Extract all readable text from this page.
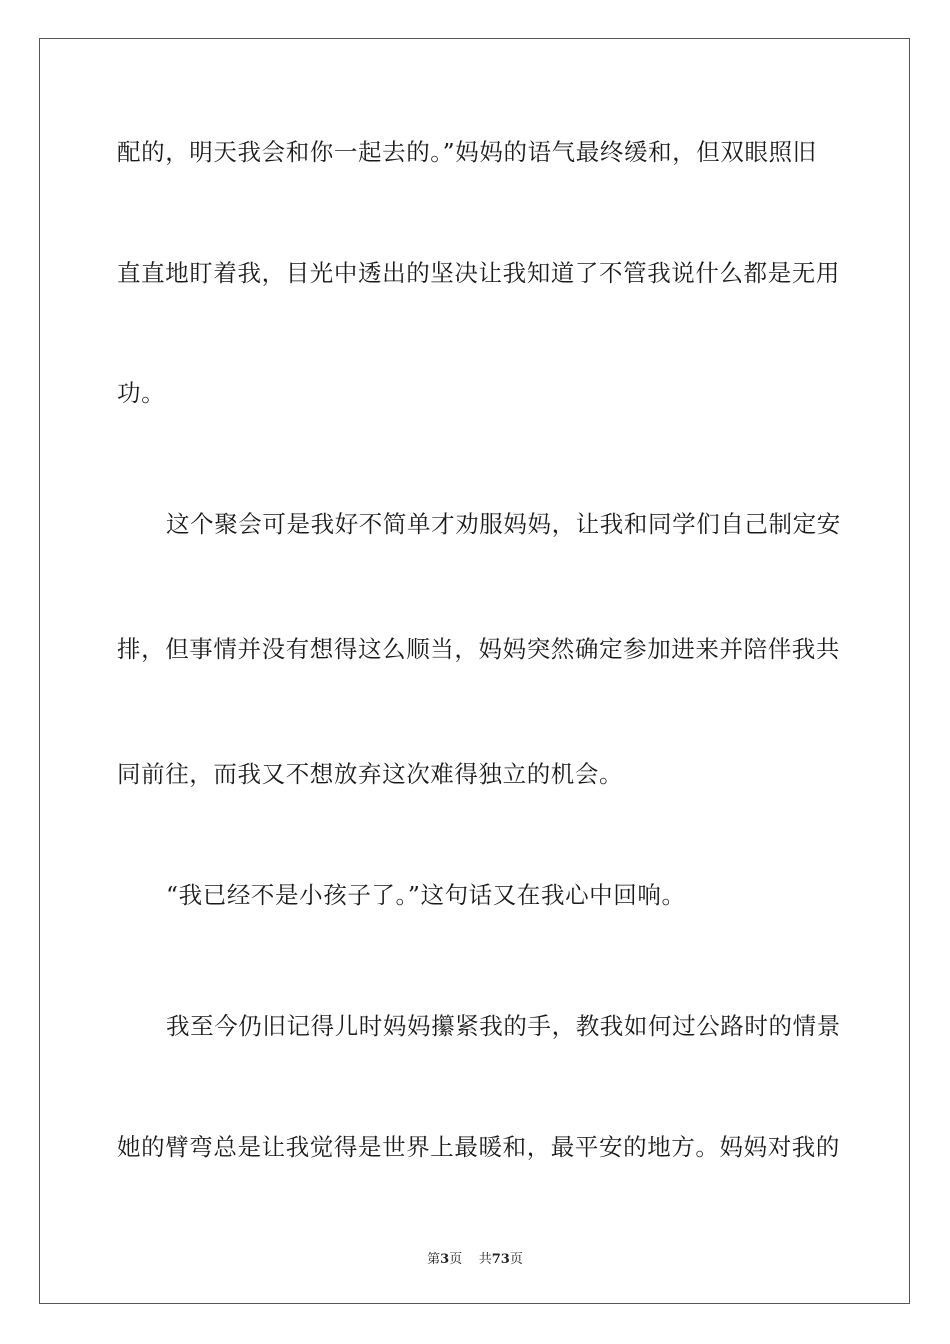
配的，明天我会和你一起去的。”妈妈的语气最终缓和，但双眼照旧

直直地盯着我，目光中透出的坚决让我知道了不管我说什么都是无用

功。

这个聚会可是我好不简单才劝服妈妈，让我和同学们自己制定安

排，但事情并没有想得这么顺当，妈妈突然确定参加进来并陪伴我共

同前往，而我又不想放弃这次难得独立的机会。

“我已经不是小孩子了。”这句话又在我心中回响。

我至今仍旧记得儿时妈妈攥紧我的手，教我如何过公路时的情景

她的臂弯总是让我觉得是世界上最暖和，最平安的地方。妈妈对我的

第3页 共73页
